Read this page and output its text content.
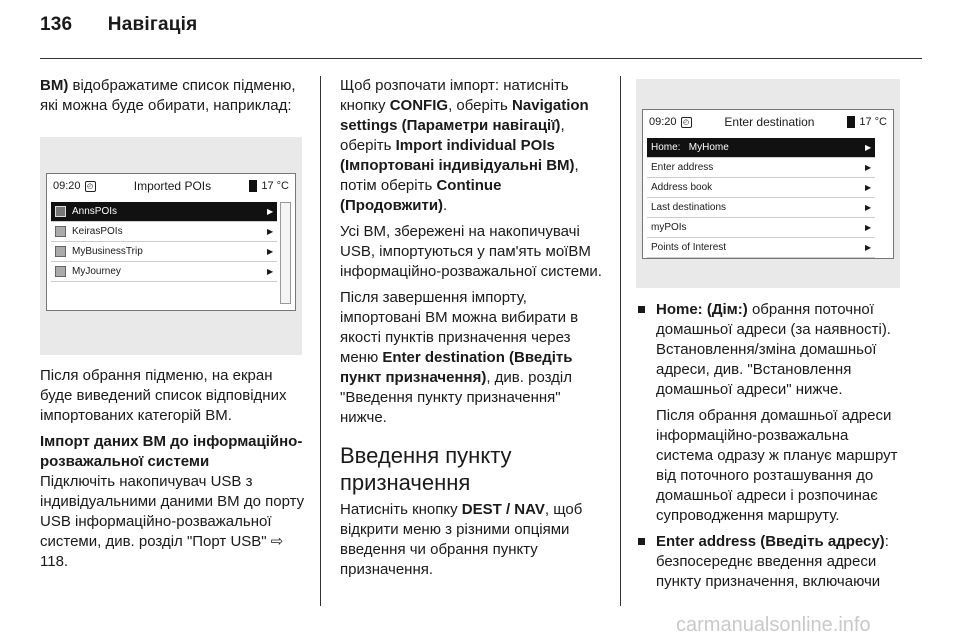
136 Навігація

BM) відображатиме список підменю, які можна буде обирати, наприклад:

09:20 ◴	Imported POIs	17 °C
AnnsPOIs	▶
KeirasPOIs	▶
MyBusinessTrip	▶
MyJourney	▶

Після обрання підменю, на екран буде виведений список відповідних імпортованих категорій BM.

Імпорт даних BM до інформаційно-розважальної системи

Підключіть накопичувач USB з індивідуальними даними BM до порту USB інформаційно-розважальної системи, див. розділ "Порт USB" ⇨ 118.

Щоб розпочати імпорт: натисніть кнопку CONFIG, оберіть Navigation settings (Параметри навігації), оберіть Import individual POIs (Імпортовані індивідуальні BM), потім оберіть Continue (Продовжити).

Усі BM, збережені на накопичувачі USB, імпортуються у пам'ять моїBM інформаційно-розважальної системи.

Після завершення імпорту, імпортовані BM можна вибирати в якості пунктів призначення через меню Enter destination (Введіть пункт призначення), див. розділ "Введення пункту призначення" нижче.

Введення пункту призначення

Натисніть кнопку DEST / NAV, щоб відкрити меню з різними опціями введення чи обрання пункту призначення.

09:20 ◴	Enter destination	17 °C
Home:   MyHome	▶
Enter address	▶
Address book	▶
Last destinations	▶
myPOIs	▶
Points of Interest	▶
Home: (Дім:) обрання поточної домашньої адреси (за наявності). Встановлення/зміна домашньої адреси, див. "Встановлення домашньої адреси" нижче.
Після обрання домашньої адреси інформаційно-розважальна система одразу ж планує маршрут від поточного розташування до домашньої адреси і розпочинає супроводження маршруту.
Enter address (Введіть адресу): безпосереднє введення адреси пункту призначення, включаючи
carmanualsonline.info
